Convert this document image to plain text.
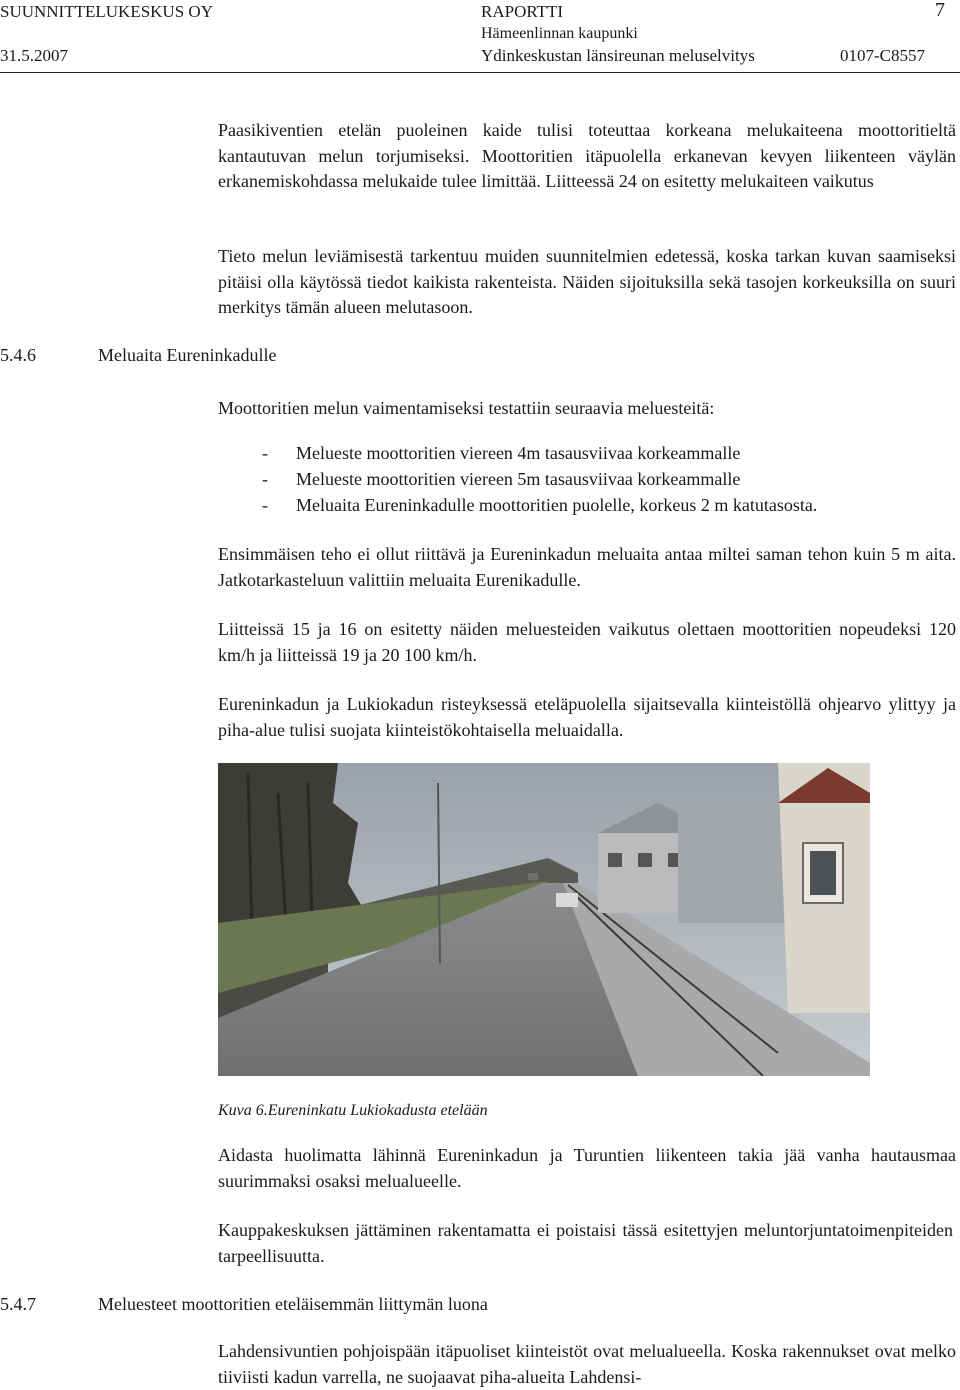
SUUNNITTELUKESKUS OY
31.5.2007
RAPORTTI
Hämeenlinnan kaupunki
Ydinkeskustan länsireunan meluselvitys
7
0107-C8557
Paasikiventien etelän puoleinen kaide tulisi toteuttaa korkeana melukaiteena moottoritieltä kantautuvan melun torjumiseksi. Moottoritien itäpuolella erkanevan kevyen liikenteen väylän erkanemiskohdassa melukaide tulee limittää. Liitteessä 24 on esitetty melukaiteen vaikutus
Tieto melun leviämisestä tarkentuu muiden suunnitelmien edetessä, koska tarkan kuvan saamiseksi pitäisi olla käytössä tiedot kaikista rakenteista. Näiden sijoituksilla sekä tasojen korkeuksilla on suuri merkitys tämän alueen melutasoon.
5.4.6	Meluaita Eureninkadulle
Moottoritien melun vaimentamiseksi testattiin seuraavia meluesteitä:
- Melueste moottoritien viereen 4m tasausviivaa korkeammalle
- Melueste moottoritien viereen 5m tasausviivaa korkeammalle
- Meluaita Eureninkadulle moottoritien puolelle, korkeus 2 m katutasosta.
Ensimmäisen teho ei ollut riittävä ja Eureninkadun meluaita antaa miltei saman tehon kuin 5 m aita. Jatkotarkasteluun valittiin meluaita Eurenikadulle.
Liitteissä 15 ja 16 on esitetty näiden meluesteiden vaikutus olettaen moottoritien nopeudeksi 120 km/h ja liitteissä 19 ja 20 100 km/h.
Eureninkadun ja Lukiokadun risteyksessä eteläpuolella sijaitsevalla kiinteistöllä ohjearvo ylittyy ja piha-alue tulisi suojata kiinteistökohtaisella meluaidalla.
Kuva 6.Eureninkatu Lukiokadusta etelään
Aidasta huolimatta lähinnä Eureninkadun ja Turuntien liikenteen takia jää vanha hautausmaa suurimmaksi osaksi melualueelle.
Kauppakeskuksen jättäminen rakentamatta ei poistaisi tässä esitettyjen meluntorjuntatoimenpiteiden tarpeellisuutta.
5.4.7	Meluesteet moottoritien eteläisemmän liittymän luona
Lahdensivuntien pohjoispään itäpuoliset kiinteistöt ovat melualueella. Koska rakennukset ovat melko tiiviisti kadun varrella, ne suojaavat piha-alueita Lahdensi-
